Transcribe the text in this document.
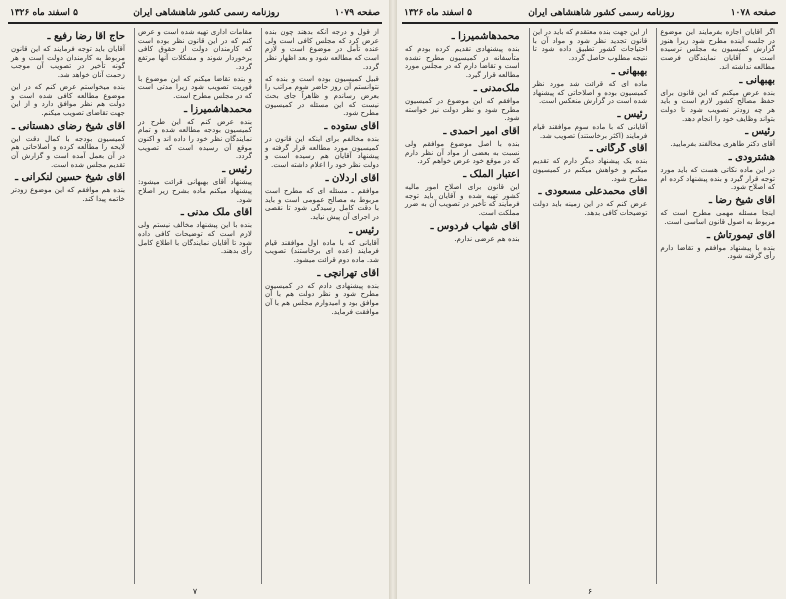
صفحه ۱۰۷۹
روزنامه رسمی کشور شاهنشاهی ایران
۵ اسفند ماه ۱۳۲۶
از قول و درجه آنکه بدهند چون بنده عرض کرد که مجلس کافی است ولی عنده تأمل در موضوع است و لازم است که مطالعه شود و بعد اظهار نظر گردد.
قبیل کمیسیون بوده است و بنده که نتوانستم آن روز حاضر شوم مراتب را بعرض رساندم و ظاهراً جای بحث نیست که این مسئله در کمیسیون مطرح شود.
آقای ستوده ـ
بنده مخالفم برای اینکه این قانون در کمیسیون مورد مطالعه قرار گرفته و پیشنهاد آقایان هم رسیده است و دولت نظر خود را اعلام داشته است.
آقای اردلان ـ
موافقم ـ مسئله ای که مطرح است مربوط به مصالح عمومی است و باید با دقت کامل رسیدگی شود تا نقصی در اجرای آن پیش نیاید.
رئیس ـ
آقایانی که با ماده اول موافقند قیام فرمایند (عده ای برخاستند) تصویب شد. ماده دوم قرائت میشود.
آقای تهرانچی ـ
بنده پیشنهادی دادم که در کمیسیون مطرح شود و نظر دولت هم با آن موافق بود و امیدوارم مجلس هم با آن موافقت فرماید.
مقامات اداری تهیه شده است و عرض کنم که در این قانون نظر بوده است که کارمندان دولت از حقوق کافی برخوردار شوند و مشکلات آنها مرتفع گردد.
و بنده تقاضا میکنم که این موضوع با فوریت تصویب شود زیرا مدتی است که در مجلس مطرح است.
محمدهاشمیرزا ـ
بنده عرض کنم که این طرح در کمیسیون بودجه مطالعه شده و تمام نمایندگان نظر خود را داده اند و اکنون موقع آن رسیده است که تصویب گردد.
رئیس ـ
پیشنهاد آقای بهبهانی قرائت میشود: پیشنهاد میکنم ماده بشرح زیر اصلاح شود.
آقای ملک مدنی ـ
بنده با این پیشنهاد مخالف نیستم ولی لازم است که توضیحات کافی داده شود تا آقایان نمایندگان با اطلاع کامل رأی بدهند.
حاج آقا رضا رفیع ـ
آقایان باید توجه فرمایند که این قانون مربوط به کارمندان دولت است و هر گونه تأخیر در تصویب آن موجب زحمت آنان خواهد شد.
بنده میخواستم عرض کنم که در این موضوع مطالعه کافی شده است و دولت هم نظر موافق دارد و از این جهت تقاضای تصویب میکنم.
آقای شیخ رضای دهستانی ـ
کمیسیون بودجه با کمال دقت این لایحه را مطالعه کرده و اصلاحاتی هم در آن بعمل آمده است و گزارش آن تقدیم مجلس شده است.
آقای شیخ حسین لنکرانی ـ
بنده هم موافقم که این موضوع زودتر خاتمه پیدا کند.
۷
صفحه ۱۰۷۸
روزنامه رسمی کشور شاهنشاهی ایران
۵ اسفند ماه ۱۳۲۶
اگر آقایان اجازه بفرمایند این موضوع در جلسه آینده مطرح شود زیرا هنوز گزارش کمیسیون به مجلس نرسیده است و آقایان نمایندگان فرصت مطالعه نداشته اند.
بهبهانی ـ
بنده عرض میکنم که این قانون برای حفظ مصالح کشور لازم است و باید هر چه زودتر تصویب شود تا دولت بتواند وظایف خود را انجام دهد.
رئیس ـ
آقای دکتر طاهری مخالفند بفرمایید.
هشترودی ـ
در این ماده نکاتی هست که باید مورد توجه قرار گیرد و بنده پیشنهاد کرده ام که اصلاح شود.
آقای شیخ رضا ـ
اینجا مسئله مهمی مطرح است که مربوط به اصول قانون اساسی است.
آقای تیمورتاش ـ
بنده با پیشنهاد موافقم و تقاضا دارم رأی گرفته شود.
از این جهت بنده معتقدم که باید در این قانون تجدید نظر شود و مواد آن با احتیاجات کشور تطبیق داده شود تا نتیجه مطلوب حاصل گردد.
بهبهانی ـ
ماده ای که قرائت شد مورد نظر کمیسیون بوده و اصلاحاتی که پیشنهاد شده است در گزارش منعکس است.
رئیس ـ
آقایانی که با ماده سوم موافقند قیام فرمایند (اکثر برخاستند) تصویب شد.
آقای گرگانی ـ
بنده یک پیشنهاد دیگر دارم که تقدیم میکنم و خواهش میکنم در کمیسیون مطرح شود.
آقای محمدعلی مسعودی ـ
عرض کنم که در این زمینه باید دولت توضیحات کافی بدهد.
محمدهاشمیرزا ـ
بنده پیشنهادی تقدیم کرده بودم که متأسفانه در کمیسیون مطرح نشده است و تقاضا دارم که در مجلس مورد مطالعه قرار گیرد.
ملک‌مدنی ـ
موافقم که این موضوع در کمیسیون مطرح شود و نظر دولت نیز خواسته شود.
آقای امیر احمدی ـ
بنده با اصل موضوع موافقم ولی نسبت به بعضی از مواد آن نظر دارم که در موقع خود عرض خواهم کرد.
اعتبار الملک ـ
این قانون برای اصلاح امور مالیه کشور تهیه شده و آقایان باید توجه فرمایند که تأخیر در تصویب آن به ضرر مملکت است.
آقای شهاب فردوس ـ
بنده هم عرضی ندارم.
۶
